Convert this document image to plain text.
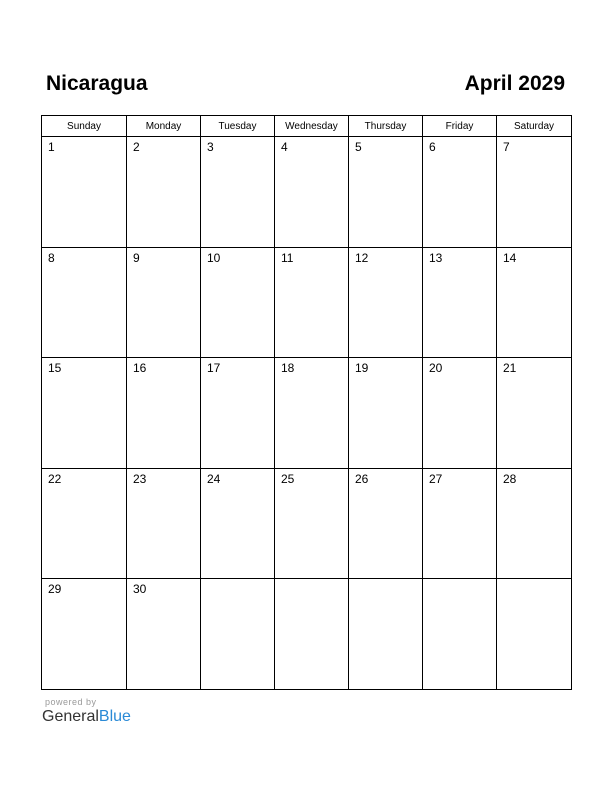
Nicaragua	April 2029
Sunday	Monday	Tuesday	Wednesday	Thursday	Friday	Saturday

1	2	3	4	5	6	7

8	9	10	11	12	13	14

15	16	17	18	19	20	21

22	23	24	25	26	27	28

29	30					

powered by
GeneralBlue
